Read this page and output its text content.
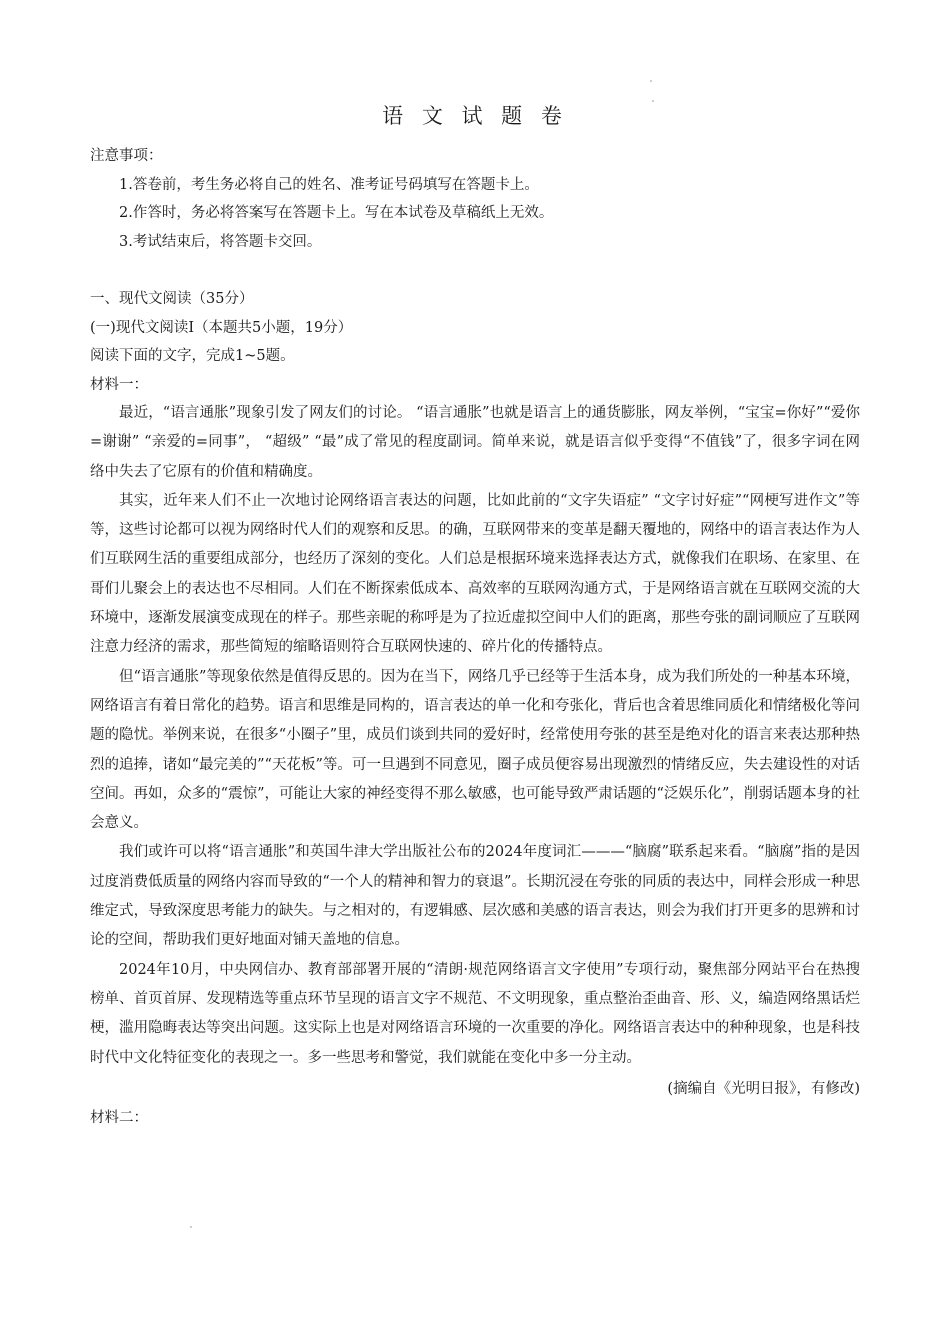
语 文 试 题 卷

注意事项：

1.答卷前，考生务必将自己的姓名、准考证号码填写在答题卡上。

2.作答时，务必将答案写在答题卡上。写在本试卷及草稿纸上无效。

3.考试结束后，将答题卡交回。

一、现代文阅读（35分）

(一)现代文阅读Ⅰ（本题共5小题，19分）

阅读下面的文字，完成1~5题。

材料一：

最近，“语言通胀”现象引发了网友们的讨论。 “语言通胀”也就是语言上的通货膨胀，网友举例，“宝宝=你好”“爱你=谢谢” “亲爱的=同事”， “超级” “最”成了常见的程度副词。简单来说，就是语言似乎变得“不值钱”了，很多字词在网络中失去了它原有的价值和精确度。

其实，近年来人们不止一次地讨论网络语言表达的问题，比如此前的“文字失语症” “文字讨好症”“网梗写进作文”等等，这些讨论都可以视为网络时代人们的观察和反思。的确，互联网带来的变革是翻天覆地的，网络中的语言表达作为人们互联网生活的重要组成部分，也经历了深刻的变化。人们总是根据环境来选择表达方式，就像我们在职场、在家里、在哥们儿聚会上的表达也不尽相同。人们在不断探索低成本、高效率的互联网沟通方式，于是网络语言就在互联网交流的大环境中，逐渐发展演变成现在的样子。那些亲昵的称呼是为了拉近虚拟空间中人们的距离，那些夸张的副词顺应了互联网注意力经济的需求，那些简短的缩略语则符合互联网快速的、碎片化的传播特点。

但“语言通胀”等现象依然是值得反思的。因为在当下，网络几乎已经等于生活本身，成为我们所处的一种基本环境，网络语言有着日常化的趋势。语言和思维是同构的，语言表达的单一化和夸张化，背后也含着思维同质化和情绪极化等问题的隐忧。举例来说，在很多“小圈子”里，成员们谈到共同的爱好时，经常使用夸张的甚至是绝对化的语言来表达那种热烈的追捧，诸如“最完美的”“天花板”等。可一旦遇到不同意见，圈子成员便容易出现激烈的情绪反应，失去建设性的对话空间。再如，众多的“震惊”，可能让大家的神经变得不那么敏感，也可能导致严肃话题的“泛娱乐化”，削弱话题本身的社会意义。

我们或许可以将“语言通胀”和英国牛津大学出版社公布的2024年度词汇———“脑腐”联系起来看。“脑腐”指的是因过度消费低质量的网络内容而导致的“一个人的精神和智力的衰退”。长期沉浸在夸张的同质的表达中，同样会形成一种思维定式，导致深度思考能力的缺失。与之相对的，有逻辑感、层次感和美感的语言表达，则会为我们打开更多的思辨和讨论的空间，帮助我们更好地面对铺天盖地的信息。

2024年10月，中央网信办、教育部部署开展的“清朗·规范网络语言文字使用”专项行动，聚焦部分网站平台在热搜榜单、首页首屏、发现精选等重点环节呈现的语言文字不规范、不文明现象，重点整治歪曲音、形、义，编造网络黑话烂梗，滥用隐晦表达等突出问题。这实际上也是对网络语言环境的一次重要的净化。网络语言表达中的种种现象，也是科技时代中文化特征变化的表现之一。多一些思考和警觉，我们就能在变化中多一分主动。

(摘编自《光明日报》，有修改)

材料二：
